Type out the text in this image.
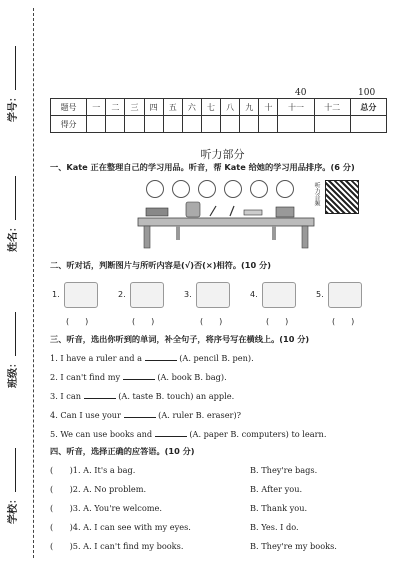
学号：
姓名：
班级：
学校：
40	100
题号	一	二	三	四	五	六	七	八	九	十	十一	十二	总分
得分													
听力部分
一、Kate 正在整理自己的学习用品。听音，帮 Kate 给她的学习用品排序。(6 分)
听力音频
二、听对话，判断图片与所听内容是(√)否(×)相符。(10 分)
1.
(　　)
2.
(　　)
3.
(　　)
4.
(　　)
5.
(　　)
三、听音，选出你听到的单词，补全句子，将序号写在横线上。(10 分)
1. I have a ruler and a	(A. pencil B. pen).
2. I can't find my	(A. book B. bag).
3. I can	(A. taste B. touch) an apple.
4. Can I use your	(A. ruler B. eraser)?
5. We can use books and	(A. paper B. computers) to learn.
四、听音，选择正确的应答语。(10 分)
(　　)1. A. It's a bag.	B. They're bags.
(　　)2. A. No problem.	B. After you.
(　　)3. A. You're welcome.	B. Thank you.
(　　)4. A. I can see with my eyes.	B. Yes. I do.
(　　)5. A. I can't find my books.	B. They're my books.
